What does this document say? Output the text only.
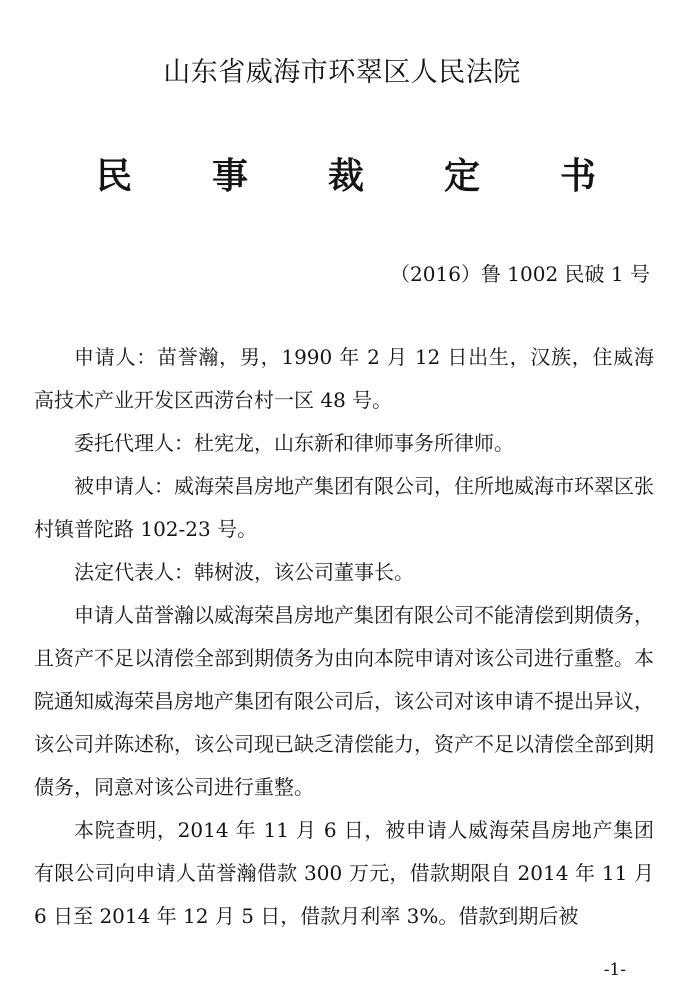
山东省威海市环翠区人民法院
民 事 裁 定 书
（2016）鲁 1002 民破 1 号

申请人：苗誉瀚，男，1990 年 2 月 12 日出生，汉族，住威海高技术产业开发区西涝台村一区 48 号。

委托代理人：杜宪龙，山东新和律师事务所律师。

被申请人：威海荣昌房地产集团有限公司，住所地威海市环翠区张村镇普陀路 102-23 号。

法定代表人：韩树波，该公司董事长。

申请人苗誉瀚以威海荣昌房地产集团有限公司不能清偿到期债务，且资产不足以清偿全部到期债务为由向本院申请对该公司进行重整。本院通知威海荣昌房地产集团有限公司后，该公司对该申请不提出异议，该公司并陈述称，该公司现已缺乏清偿能力，资产不足以清偿全部到期债务，同意对该公司进行重整。

本院查明，2014 年 11 月 6 日，被申请人威海荣昌房地产集团有限公司向申请人苗誉瀚借款 300 万元，借款期限自 2014 年 11 月 6 日至 2014 年 12 月 5 日，借款月利率 3%。借款到期后被

-1-
